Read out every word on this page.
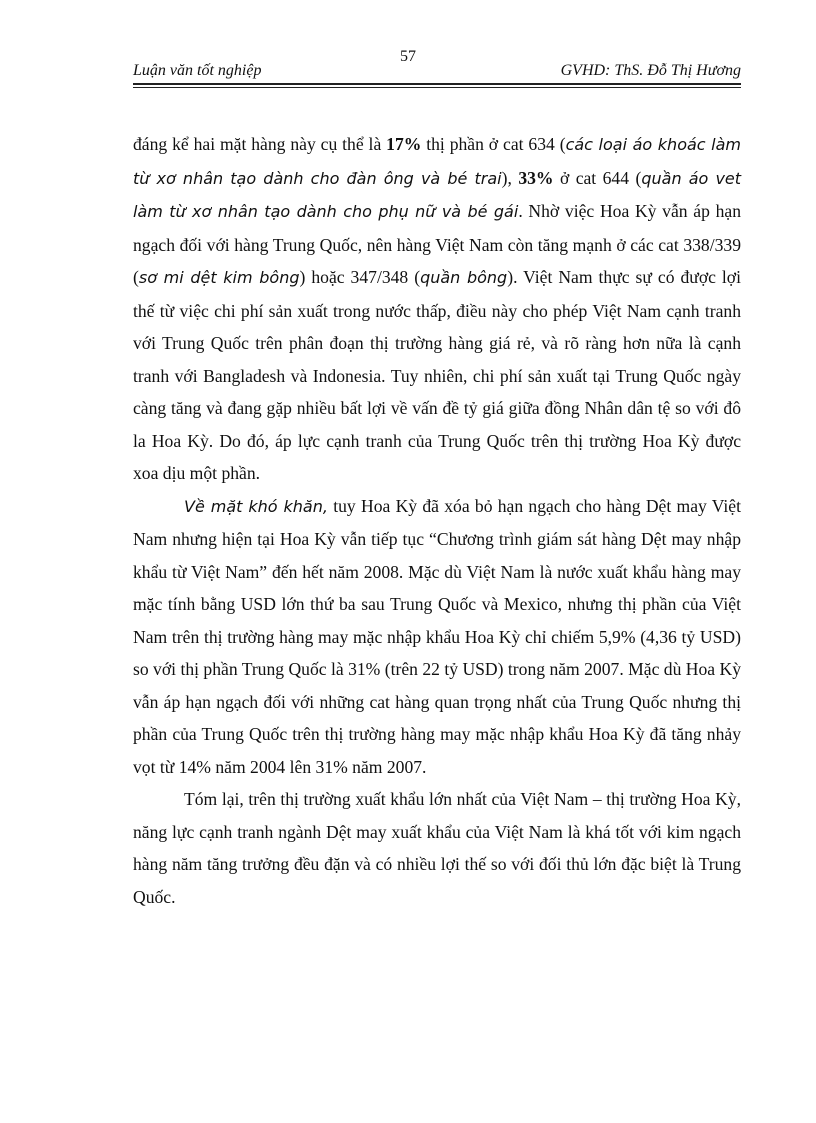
57
Luận văn tốt nghiệp	GVHD: ThS. Đỗ Thị Hương

đáng kể hai mặt hàng này cụ thể là 17% thị phần ở cat 634 (các loại áo khoác làm từ xơ nhân tạo dành cho đàn ông và bé trai), 33% ở cat 644 (quần áo vet làm từ xơ nhân tạo dành cho phụ nữ và bé gái. Nhờ việc Hoa Kỳ vẫn áp hạn ngạch đối với hàng Trung Quốc, nên hàng Việt Nam còn tăng mạnh ở các cat 338/339 (sơ mi dệt kim bông) hoặc 347/348 (quần bông). Việt Nam thực sự có được lợi thế từ việc chi phí sản xuất trong nước thấp, điều này cho phép Việt Nam cạnh tranh với Trung Quốc trên phân đoạn thị trường hàng giá rẻ, và rõ ràng hơn nữa là cạnh tranh với Bangladesh và Indonesia. Tuy nhiên, chi phí sản xuất tại Trung Quốc ngày càng tăng và đang gặp nhiều bất lợi về vấn đề tỷ giá giữa đồng Nhân dân tệ so với đô la Hoa Kỳ. Do đó, áp lực cạnh tranh của Trung Quốc trên thị trường Hoa Kỳ được xoa dịu một phần.

Về mặt khó khăn, tuy Hoa Kỳ đã xóa bỏ hạn ngạch cho hàng Dệt may Việt Nam nhưng hiện tại Hoa Kỳ vẫn tiếp tục “Chương trình giám sát hàng Dệt may nhập khẩu từ Việt Nam” đến hết năm 2008. Mặc dù Việt Nam là nước xuất khẩu hàng may mặc tính bằng USD lớn thứ ba sau Trung Quốc và Mexico, nhưng thị phần của Việt Nam trên thị trường hàng may mặc nhập khẩu Hoa Kỳ chỉ chiếm 5,9% (4,36 tỷ USD) so với thị phần Trung Quốc là 31% (trên 22 tỷ USD) trong năm 2007. Mặc dù Hoa Kỳ vẫn áp hạn ngạch đối với những cat hàng quan trọng nhất của Trung Quốc nhưng thị phần của Trung Quốc trên thị trường hàng may mặc nhập khẩu Hoa Kỳ đã tăng nhảy vọt từ 14% năm 2004 lên 31% năm 2007.

Tóm lại, trên thị trường xuất khẩu lớn nhất của Việt Nam – thị trường Hoa Kỳ, năng lực cạnh tranh ngành Dệt may xuất khẩu của Việt Nam là khá tốt với kim ngạch hàng năm tăng trưởng đều đặn và có nhiều lợi thế so với đối thủ lớn đặc biệt là Trung Quốc.
